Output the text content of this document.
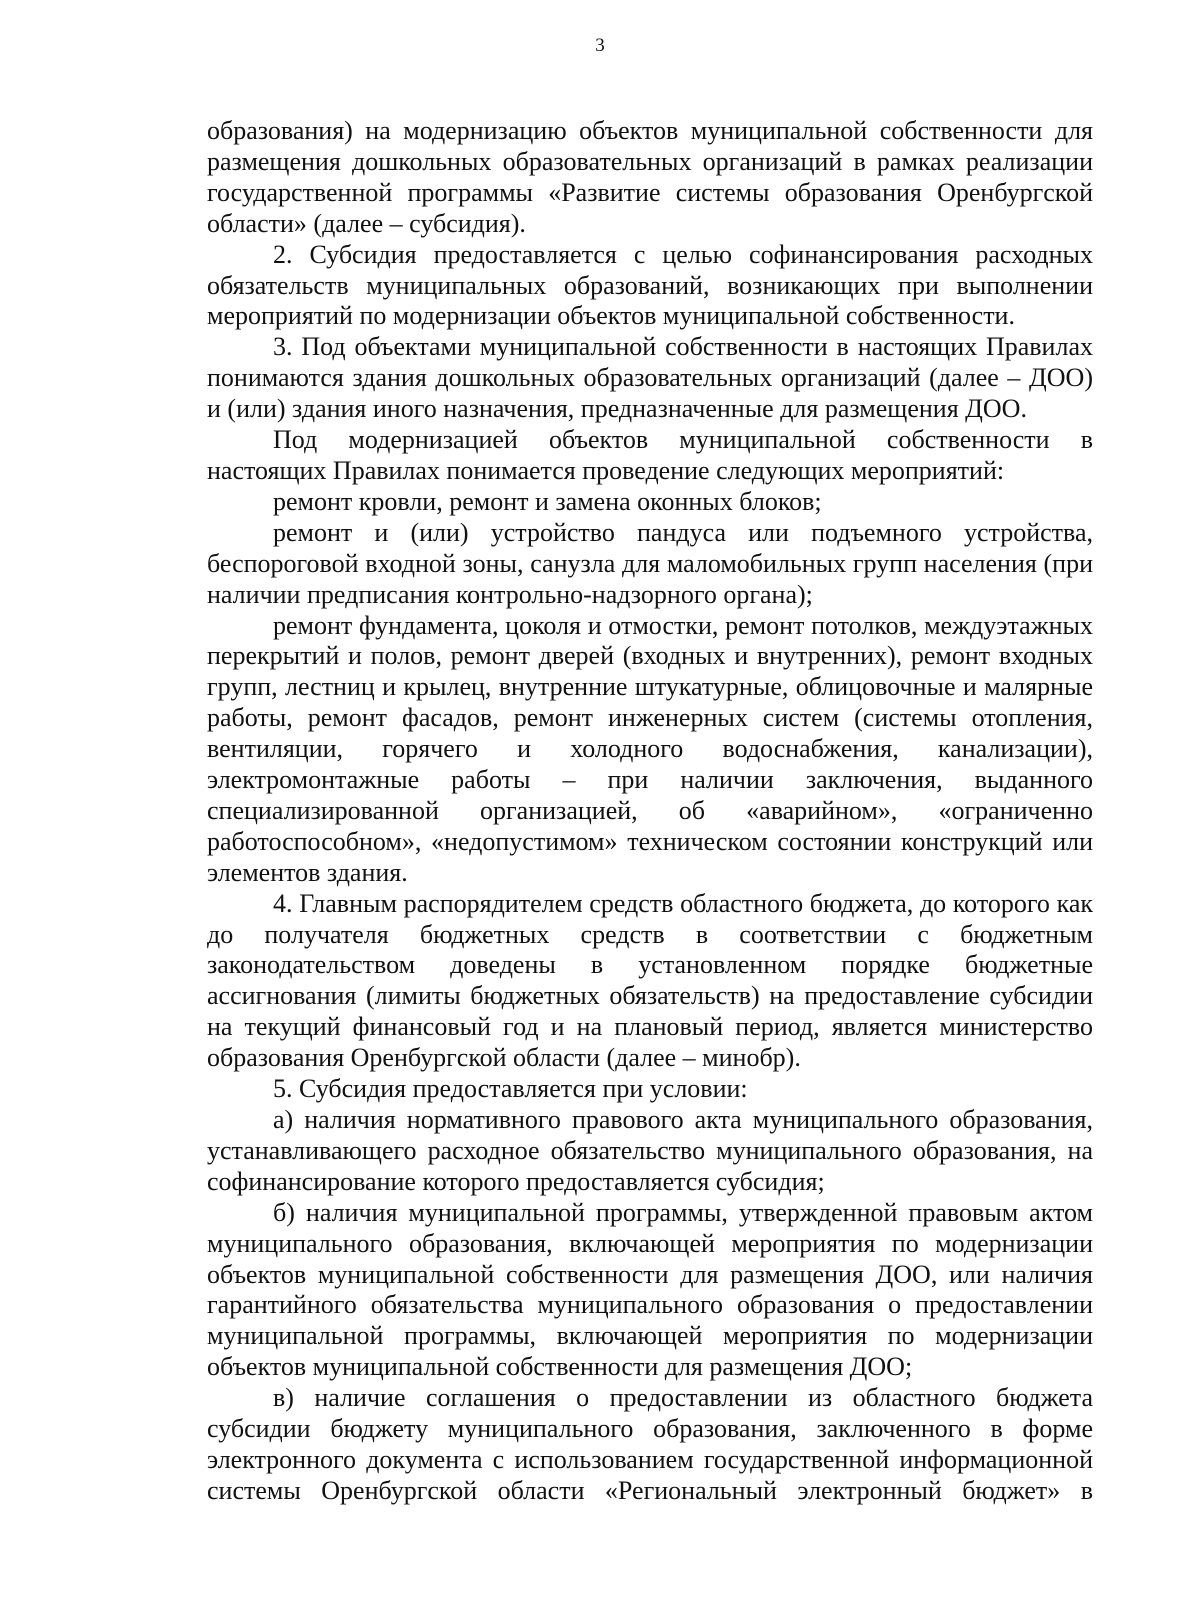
3

образования) на модернизацию объектов муниципальной собственности для размещения дошкольных образовательных организаций в рамках реализации государственной программы «Развитие системы образования Оренбургской области» (далее – субсидия).

2. Субсидия предоставляется с целью софинансирования расходных обязательств муниципальных образований, возникающих при выполнении мероприятий по модернизации объектов муниципальной собственности.

3. Под объектами муниципальной собственности в настоящих Правилах понимаются здания дошкольных образовательных организаций (далее – ДОО) и (или) здания иного назначения, предназначенные для размещения ДОО.

Под модернизацией объектов муниципальной собственности в настоящих Правилах понимается проведение следующих мероприятий:

ремонт кровли, ремонт и замена оконных блоков;

ремонт и (или) устройство пандуса или подъемного устройства, беспороговой входной зоны, санузла для маломобильных групп населения (при наличии предписания контрольно-надзорного органа);

ремонт фундамента, цоколя и отмостки, ремонт потолков, междуэтажных перекрытий и полов, ремонт дверей (входных и внутренних), ремонт входных групп, лестниц и крылец, внутренние штукатурные, облицовочные и малярные работы, ремонт фасадов, ремонт инженерных систем (системы отопления, вентиляции, горячего и холодного водоснабжения, канализации), электромонтажные работы – при наличии заключения, выданного специализированной организацией, об «аварийном», «ограниченно работоспособном», «недопустимом» техническом состоянии конструкций или элементов здания.

4. Главным распорядителем средств областного бюджета, до которого как до получателя бюджетных средств в соответствии с бюджетным законодательством доведены в установленном порядке бюджетные ассигнования (лимиты бюджетных обязательств) на предоставление субсидии на текущий финансовый год и на плановый период, является министерство образования Оренбургской области (далее – минобр).

5. Субсидия предоставляется при условии:

а) наличия нормативного правового акта муниципального образования, устанавливающего расходное обязательство муниципального образования, на софинансирование которого предоставляется субсидия;

б) наличия муниципальной программы, утвержденной правовым актом муниципального образования, включающей мероприятия по модернизации объектов муниципальной собственности для размещения ДОО, или наличия гарантийного обязательства муниципального образования о предоставлении муниципальной программы, включающей мероприятия по модернизации объектов муниципальной собственности для размещения ДОО;

в) наличие соглашения о предоставлении из областного бюджета субсидии бюджету муниципального образования, заключенного в форме электронного документа с использованием государственной информационной системы Оренбургской области «Региональный электронный бюджет» в
